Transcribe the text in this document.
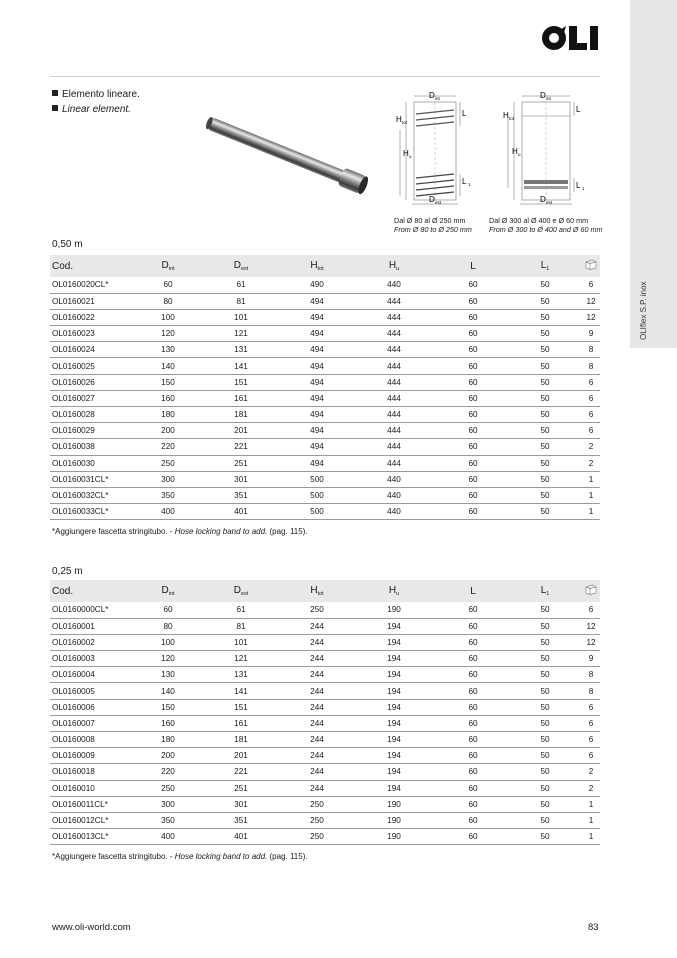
OLIflex S.P. inox
Elemento lineare.
Linear element.
D int
H tot
H u
L
L 1
D est
Dal Ø 80 al Ø 250 mm
From Ø 80 to Ø 250 mm
D int
H tot
H u
L
L 1
D est
Dal Ø 300 al Ø 400 e Ø 60 mm
From Ø 300 to Ø 400 and Ø 60 mm
0,50 m
Cod.	$D_{int}$	$D_{est}$	$H_{tot}$	$H_u$	L	$L_1$	
OL0160020CL*	60	61	490	440	60	50	6
OL0160021	80	81	494	444	60	50	12
OL0160022	100	101	494	444	60	50	12
OL0160023	120	121	494	444	60	50	9
OL0160024	130	131	494	444	60	50	8
OL0160025	140	141	494	444	60	50	8
OL0160026	150	151	494	444	60	50	6
OL0160027	160	161	494	444	60	50	6
OL0160028	180	181	494	444	60	50	6
OL0160029	200	201	494	444	60	50	6
OL0160038	220	221	494	444	60	50	2
OL0160030	250	251	494	444	60	50	2
OL0160031CL*	300	301	500	440	60	50	1
OL0160032CL*	350	351	500	440	60	50	1
OL0160033CL*	400	401	500	440	60	50	1
*Aggiungere fascetta stringitubo. - Hose locking band to add. (pag. 115).
0,25 m
Cod.	$D_{int}$	$D_{est}$	$H_{tot}$	$H_u$	L	$L_1$	
OL0160000CL*	60	61	250	190	60	50	6
OL0160001	80	81	244	194	60	50	12
OL0160002	100	101	244	194	60	50	12
OL0160003	120	121	244	194	60	50	9
OL0160004	130	131	244	194	60	50	8
OL0160005	140	141	244	194	60	50	8
OL0160006	150	151	244	194	60	50	6
OL0160007	160	161	244	194	60	50	6
OL0160008	180	181	244	194	60	50	6
OL0160009	200	201	244	194	60	50	6
OL0160018	220	221	244	194	60	50	2
OL0160010	250	251	244	194	60	50	2
OL0160011CL*	300	301	250	190	60	50	1
OL0160012CL*	350	351	250	190	60	50	1
OL0160013CL*	400	401	250	190	60	50	1
*Aggiungere fascetta stringitubo. - Hose locking band to add. (pag. 115).
www.oli-world.com	83
